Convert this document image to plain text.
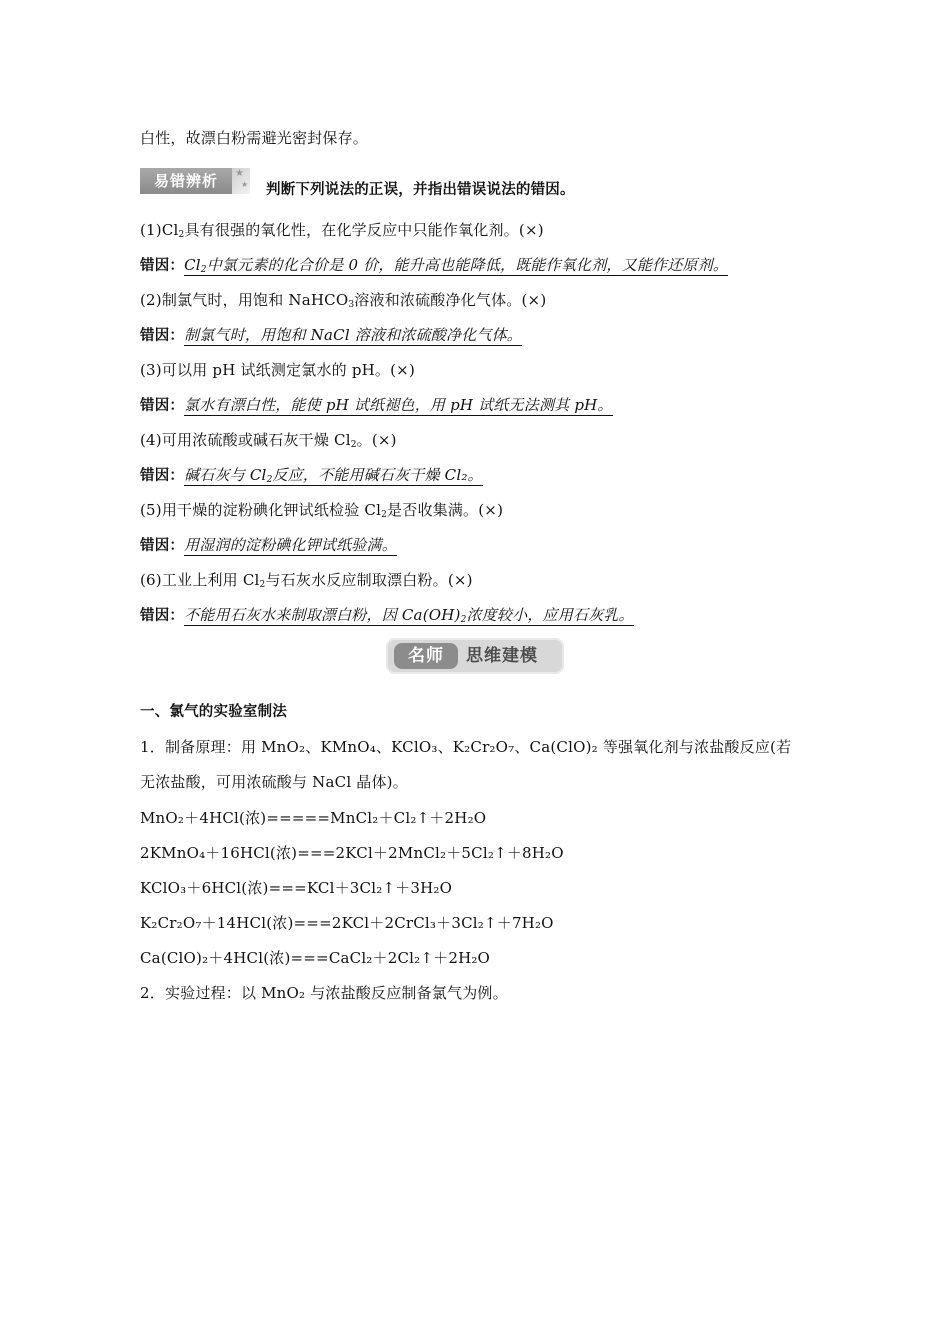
白性，故漂白粉需避光密封保存。
易错辨析	★
★ 判断下列说法的正误，并指出错误说法的错因。
$(1)Cl_2$具有很强的氧化性，在化学反应中只能作氧化剂。(×)
错因：$Cl_2$中氯元素的化合价是 0 价，能升高也能降低，既能作氧化剂，又能作还原剂。
(2)制氯气时，用饱和 NaHCO$_3$溶液和浓硫酸净化气体。(×)
错因：制氯气时，用饱和 NaCl 溶液和浓硫酸净化气体。
(3)可以用 pH 试纸测定氯水的 pH。(×)
错因：氯水有漂白性，能使 pH 试纸褪色，用 pH 试纸无法测其 pH。
(4)可用浓硫酸或碱石灰干燥 $Cl_2$。(×)
错因：碱石灰与 $Cl_2$反应，不能用碱石灰干燥 Cl₂。
(5)用干燥的淀粉碘化钾试纸检验 $Cl_2$是否收集满。(×)
错因：用湿润的淀粉碘化钾试纸验满。
(6)工业上利用 $Cl_2$与石灰水反应制取漂白粉。(×)
错因：不能用石灰水来制取漂白粉，因 $Ca(OH)_2$浓度较小，应用石灰乳。
名师	思维建模
一、氯气的实验室制法
1．制备原理：用 MnO₂、KMnO₄、KClO₃、K₂Cr₂O₇、Ca(ClO)₂ 等强氧化剂与浓盐酸反应(若
无浓盐酸，可用浓硫酸与 NaCl 晶体)。
MnO₂＋4HCl(浓)=====MnCl₂＋Cl₂↑＋2H₂O
2KMnO₄＋16HCl(浓)===2KCl＋2MnCl₂＋5Cl₂↑＋8H₂O
KClO₃＋6HCl(浓)===KCl＋3Cl₂↑＋3H₂O
K₂Cr₂O₇＋14HCl(浓)===2KCl＋2CrCl₃＋3Cl₂↑＋7H₂O
Ca(ClO)₂＋4HCl(浓)===CaCl₂＋2Cl₂↑＋2H₂O
2．实验过程：以 MnO₂ 与浓盐酸反应制备氯气为例。
